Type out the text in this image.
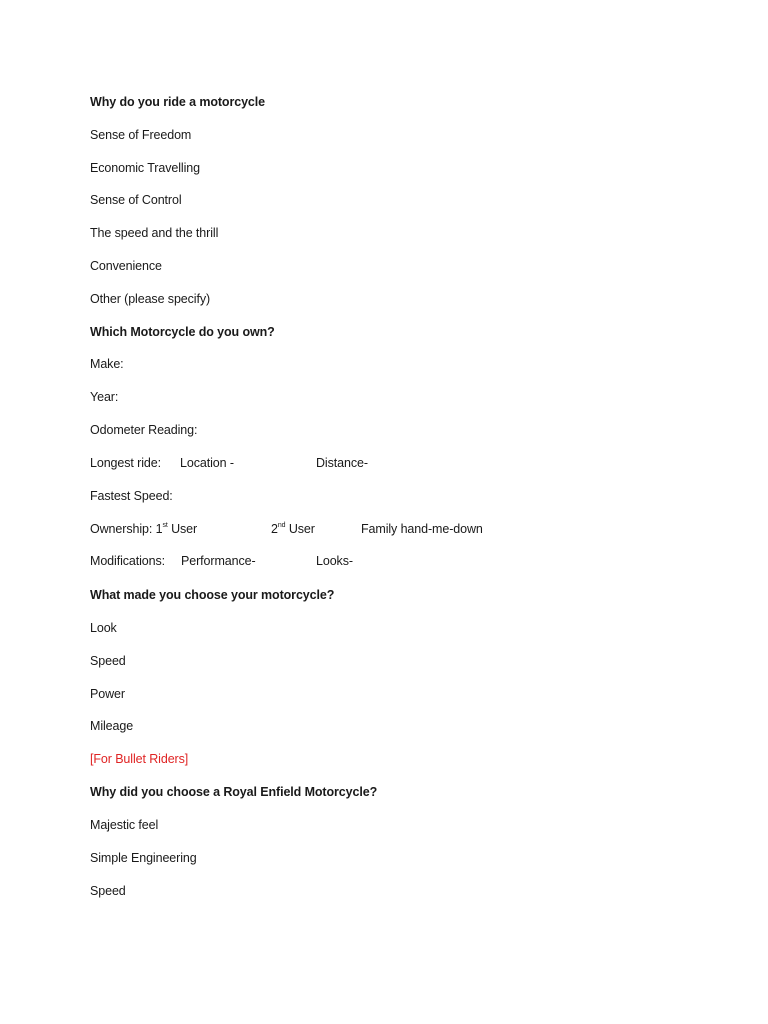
Why do you ride a motorcycle
Sense of Freedom
Economic Travelling
Sense of Control
The speed and the thrill
Convenience
Other (please specify)
Which Motorcycle do you own?
Make:
Year:
Odometer Reading:
Longest ride: Location -	Distance-
Fastest Speed:
Ownership: 1st User	2nd User	Family hand-me-down
Modifications: Performance-	Looks-
What made you choose your motorcycle?
Look
Speed
Power
Mileage
[For Bullet Riders]
Why did you choose a Royal Enfield Motorcycle?
Majestic feel
Simple Engineering
Speed
